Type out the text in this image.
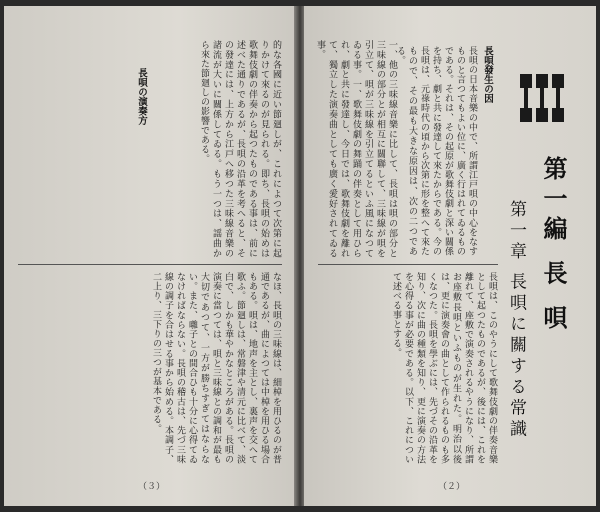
的な各國に近い節廻しが、これによつて次第に起りかけて來るのが見られる。即ち、長唄の始めは歌舞伎劇の伴奏から起つたものである事は、前に述べた通りであるが、長唄の沿革を考へると、その發達には、上方から江戸へ移つた三味線音樂の諸流が大いに關係してゐる。もう一つは、謡曲から來た節廻しの影響である。
長唄の演奏方
なほ、長唄の三味線は、細棹を用ひるのが普通であるが、曲によつては中棹を用ひる場合もある。唄は、地声を主とし、裏声を交へて歌ふ。節廻しは、常磐津や清元に比べて、淡白で、しかも華やかなところがある。長唄の演奏に當つては、唄と三味線との調和が最も大切であつて、一方が勝ちすぎてはならない。また、囃子との間合ひも十分に心得てゐなければならない。長唄の稽古は、先づ三味線の調子を合はせる事から始める。本調子、二上り、三下りの三つが基本である。
（３）
第一編 長 唄
第一章 長唄に關する常識
長唄發生の因
長唄の日本音樂の中で、所謂江戸唄の中心をなすものと言つてもよい位に、廣く行はれてゐるものである。それは、その起原が歌舞伎劇と深い關係を持ち、劇と共に發達して來たからである。今の長唄は、元祿時代の頃から次第に形を整へて來たもので、その最も大きな原因は、次の二つである。
一、他の三味線音樂に比して、長唄は唄の部分と三味線の部分とが相互に關聯して、三味線が唄を引立て、唄が三味線を引立てるといふ風になつてゐる事。一、歌舞伎劇の舞踊の伴奏として用ひられ、劇と共に發達し、今日では、歌舞伎劇を離れて、獨立した演奏曲としても廣く愛好されてゐる事。
長唄は、このやうにして歌舞伎劇の伴奏音樂として起つたものであるが、後には、これを離れて、座敷で演奏されるやうになり、所謂お座敷長唄といふものが生れた。明治以後は、更に演奏會の曲として作られるものも多くなつた。長唄を學ぶには、先づその沿革を知り、次に曲の種類を知り、更に演奏の方法を心得る事が必要である。以下、これについて述べる事とする。
（２）
